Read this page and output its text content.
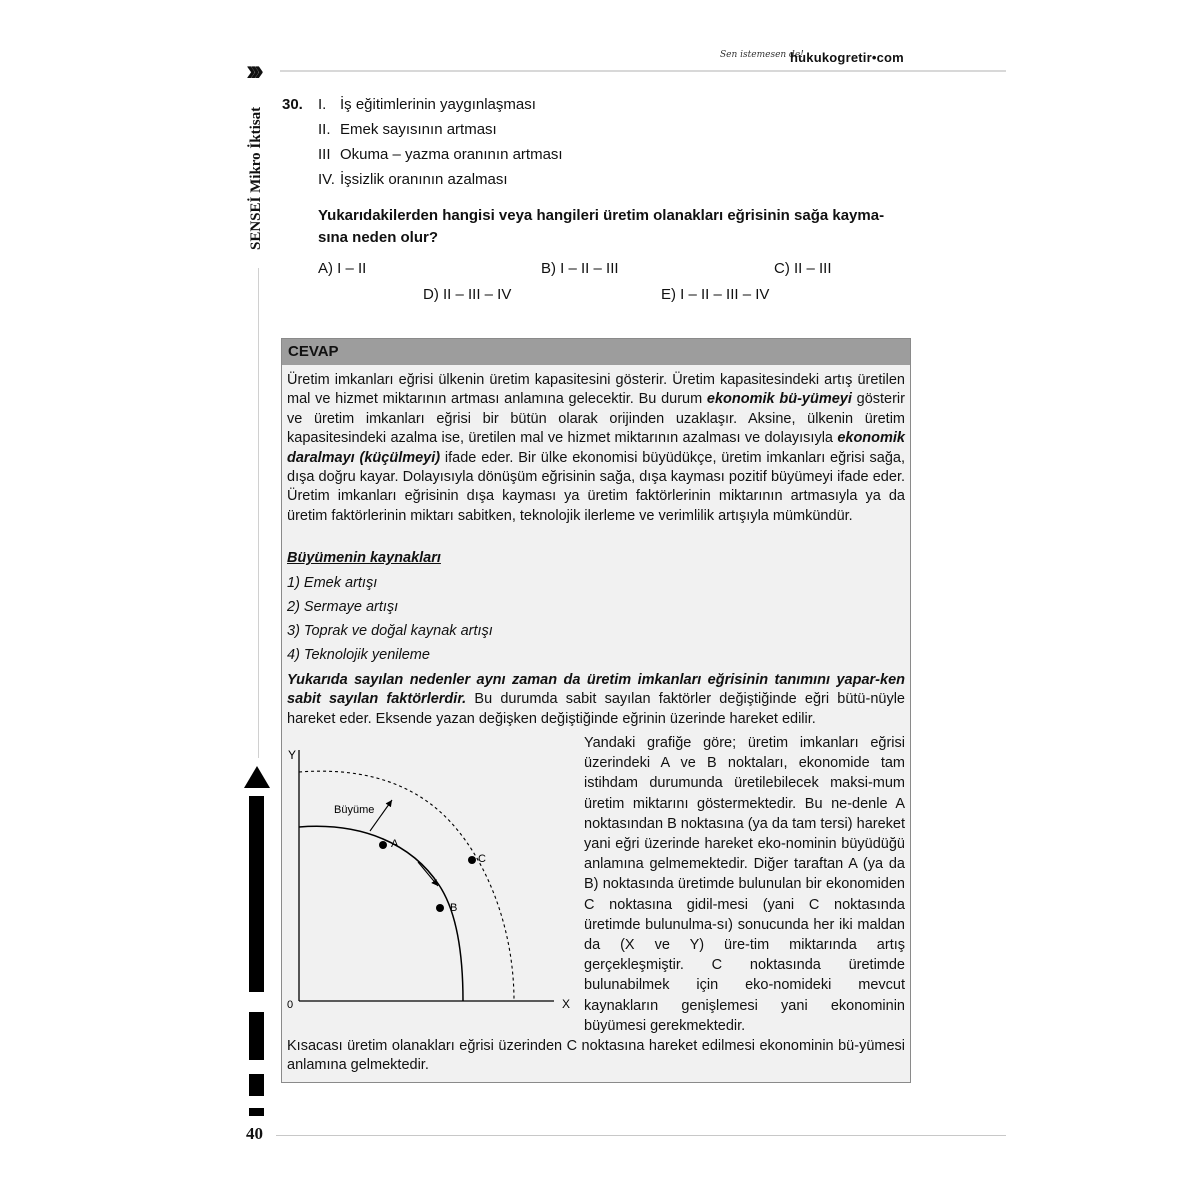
›››	Sen istemesen de!
hukukogretir•com
SENSEİ Mikro İktisat
40
30. I. İş eğitimlerinin yaygınlaşması
II. Emek sayısının artması
III Okuma – yazma oranının artması
IV. İşsizlik oranının azalması
Yukarıdakilerden hangisi veya hangileri üretim olanakları eğrisinin sağa kayma-
sına neden olur?
A) I – II	B) I – II – III	C) II – III
D) II – III – IV	E) I – II – III – IV
CEVAP
Üretim imkanları eğrisi ülkenin üretim kapasitesini gösterir. Üretim kapasitesindeki artış üretilen mal ve hizmet miktarının artması anlamına gelecektir. Bu durum ekonomik bü-yümeyi gösterir ve üretim imkanları eğrisi bir bütün olarak orijinden uzaklaşır. Aksine, ülkenin üretim kapasitesindeki azalma ise, üretilen mal ve hizmet miktarının azalması ve dolayısıyla ekonomik daralmayı (küçülmeyi) ifade eder. Bir ülke ekonomisi büyüdükçe, üretim imkanları eğrisi sağa, dışa doğru kayar. Dolayısıyla dönüşüm eğrisinin sağa, dışa kayması pozitif büyümeyi ifade eder. Üretim imkanları eğrisinin dışa kayması ya üretim faktörlerinin miktarının artmasıyla ya da üretim faktörlerinin miktarı sabitken, teknolojik ilerleme ve verimlilik artışıyla mümkündür.
Büyümenin kaynakları
1) Emek artışı
2) Sermaye artışı
3) Toprak ve doğal kaynak artışı
4) Teknolojik yenileme
Yukarıda sayılan nedenler aynı zaman da üretim imkanları eğrisinin tanımını yapar-ken sabit sayılan faktörlerdir. Bu durumda sabit sayılan faktörler değiştiğinde eğri bütü-nüyle hareket eder. Eksende yazan değişken değiştiğinde eğrinin üzerinde hareket edilir.
Y
X
0
Büyüme
A
B
C
Yandaki grafiğe göre; üretim imkanları eğrisi üzerindeki A ve B noktaları, ekonomide tam istihdam durumunda üretilebilecek maksi-mum üretim miktarını göstermektedir. Bu ne-denle A noktasından B noktasına (ya da tam tersi) hareket yani eğri üzerinde hareket eko-nominin büyüdüğü anlamına gelmemektedir. Diğer taraftan A (ya da B) noktasında üretimde bulunulan bir ekonomiden C noktasına gidil-mesi (yani C noktasında üretimde bulunulma-sı) sonucunda her iki maldan da (X ve Y) üre-tim miktarında artış gerçekleşmiştir. C noktasında üretimde bulunabilmek için eko-nomideki mevcut kaynakların genişlemesi yani ekonominin büyümesi gerekmektedir.
Kısacası üretim olanakları eğrisi üzerinden C noktasına hareket edilmesi ekonominin bü-yümesi anlamına gelmektedir.
